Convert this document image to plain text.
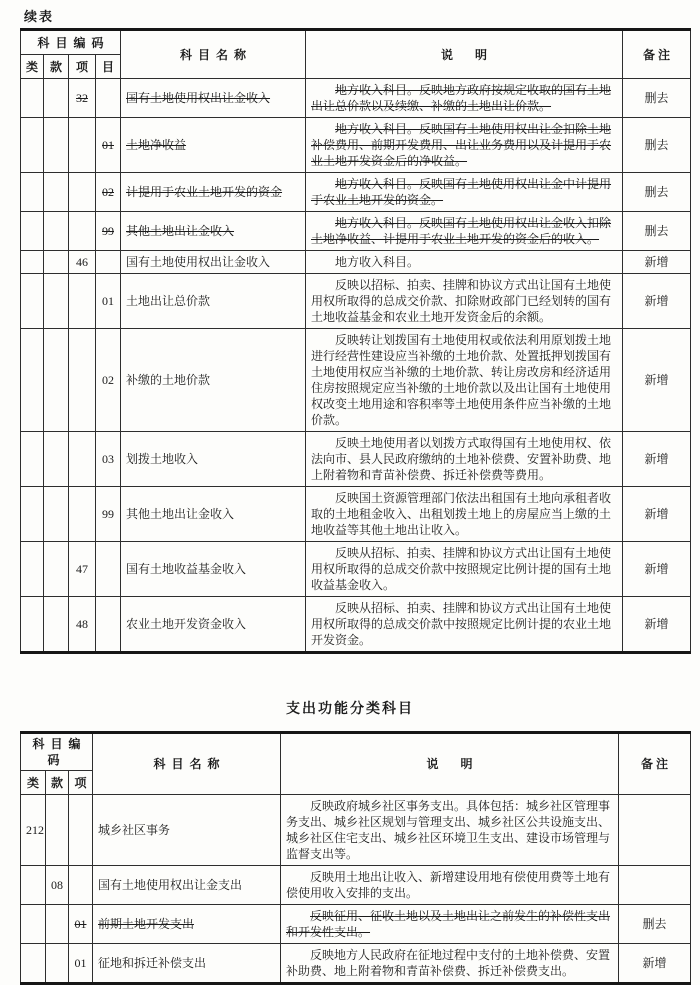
续表
科目编码				科目名称	说明	备注
类	款	项	目			
		32		国有土地使用权出让金收入	地方收入科目。反映地方政府按规定收取的国有土地出让总价款以及续缴、补缴的土地出让价款。	删去
			01	土地净收益	地方收入科目。反映国有土地使用权出让金扣除土地补偿费用、前期开发费用、出让业务费用以及计提用于农业土地开发资金后的净收益。	删去
			02	计提用于农业土地开发的资金	地方收入科目。反映国有土地使用权出让金中计提用于农业土地开发的资金。	删去
			99	其他土地出让金收入	地方收入科目。反映国有土地使用权出让金收入扣除土地净收益、计提用于农业土地开发的资金后的收入。	删去
		46		国有土地使用权出让金收入	地方收入科目。	新增
			01	土地出让总价款	反映以招标、拍卖、挂牌和协议方式出让国有土地使用权所取得的总成交价款、扣除财政部门已经划转的国有土地收益基金和农业土地开发资金后的余额。	新增
			02	补缴的土地价款	反映转让划拨国有土地使用权或依法利用原划拨土地进行经营性建设应当补缴的土地价款、处置抵押划拨国有土地使用权应当补缴的土地价款、转让房改房和经济适用住房按照规定应当补缴的土地价款以及出让国有土地使用权改变土地用途和容积率等土地使用条件应当补缴的土地价款。	新增
			03	划拨土地收入	反映土地使用者以划拨方式取得国有土地使用权、依法向市、县人民政府缴纳的土地补偿费、安置补助费、地上附着物和青苗补偿费、拆迁补偿费等费用。	新增
			99	其他土地出让金收入	反映国土资源管理部门依法出租国有土地向承租者收取的土地租金收入、出租划拨土地上的房屋应当上缴的土地收益等其他土地出让收入。	新增
		47		国有土地收益基金收入	反映从招标、拍卖、挂牌和协议方式出让国有土地使用权所取得的总成交价款中按照规定比例计提的国有土地收益基金收入。	新增
		48		农业土地开发资金收入	反映从招标、拍卖、挂牌和协议方式出让国有土地使用权所取得的总成交价款中按照规定比例计提的农业土地开发资金。	新增
支出功能分类科目
科目编码			科目名称	说明	备注
类	款	项			
212			城乡社区事务	反映政府城乡社区事务支出。具体包括：城乡社区管理事务支出、城乡社区规划与管理支出、城乡社区公共设施支出、城乡社区住宅支出、城乡社区环境卫生支出、建设市场管理与监督支出等。	
	08		国有土地使用权出让金支出	反映用土地出让收入、新增建设用地有偿使用费等土地有偿使用收入安排的支出。	
		01	前期土地开发支出	反映征用、征收土地以及土地出让之前发生的补偿性支出和开发性支出。	删去
		01	征地和拆迁补偿支出	反映地方人民政府在征地过程中支付的土地补偿费、安置补助费、地上附着物和青苗补偿费、拆迁补偿费支出。	新增
